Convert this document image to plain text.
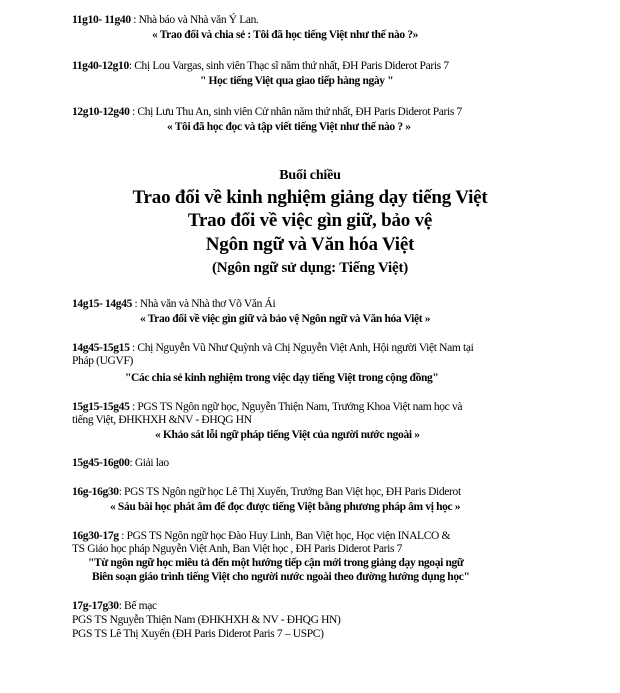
11g10- 11g40 : Nhà báo và Nhà văn Ý Lan.
« Trao đổi và chia sẻ : Tôi đã học tiếng Việt như thế nào ?»
11g40-12g10: Chị Lou Vargas, sinh viên Thạc sĩ năm thứ nhất, ĐH Paris Diderot Paris 7
" Học tiếng Việt qua giao tiếp hàng ngày "
12g10-12g40 : Chị Lưu Thu An, sinh viên Cử nhân năm thứ nhất, ĐH Paris Diderot Paris 7
« Tôi đã học đọc và tập viết tiếng Việt như thế nào ? »
Buổi chiều
Trao đổi về kinh nghiệm giảng dạy tiếng Việt
Trao đổi về việc gìn giữ, bảo vệ
Ngôn ngữ và Văn hóa Việt
(Ngôn ngữ sử dụng: Tiếng Việt)
14g15- 14g45 : Nhà văn và Nhà thơ Võ Văn Ái
« Trao đổi về việc gìn giữ và bảo vệ Ngôn ngữ và Văn hóa Việt »
14g45-15g15 : Chị Nguyễn Vũ Như Quỳnh và Chị Nguyễn Việt Anh, Hội người Việt Nam tại
Pháp (UGVF)
"Các chia sẻ kinh nghiệm trong việc dạy tiếng Việt trong cộng đồng"
15g15-15g45 : PGS TS Ngôn ngữ học, Nguyễn Thiện Nam, Trưởng Khoa Việt nam học và
tiếng Việt, ĐHKHXH &NV - ĐHQG HN
« Khảo sát lỗi ngữ pháp tiếng Việt của người nước ngoài »
15g45-16g00: Giải lao
16g-16g30: PGS TS Ngôn ngữ học Lê Thị Xuyến, Trưởng Ban Việt học, ĐH Paris Diderot
« Sáu bài học phát âm để đọc được tiếng Việt bằng phương pháp âm vị học »
16g30-17g : PGS TS Ngôn ngữ học Đào Huy Linh, Ban Việt học, Học viện INALCO &
TS Giáo học pháp Nguyễn Việt Anh, Ban Việt học , ĐH Paris Diderot Paris 7
"Từ ngôn ngữ học miêu tả đến một hướng tiếp cận mới trong giảng dạy ngoại ngữ
Biên soạn giáo trình tiếng Việt cho người nước ngoài theo đường hướng dụng học"
17g-17g30: Bế mạc
PGS TS Nguyễn Thiện Nam (ĐHKHXH & NV - ĐHQG HN)
PGS TS Lê Thị Xuyến (ĐH Paris Diderot Paris 7 – USPC)
